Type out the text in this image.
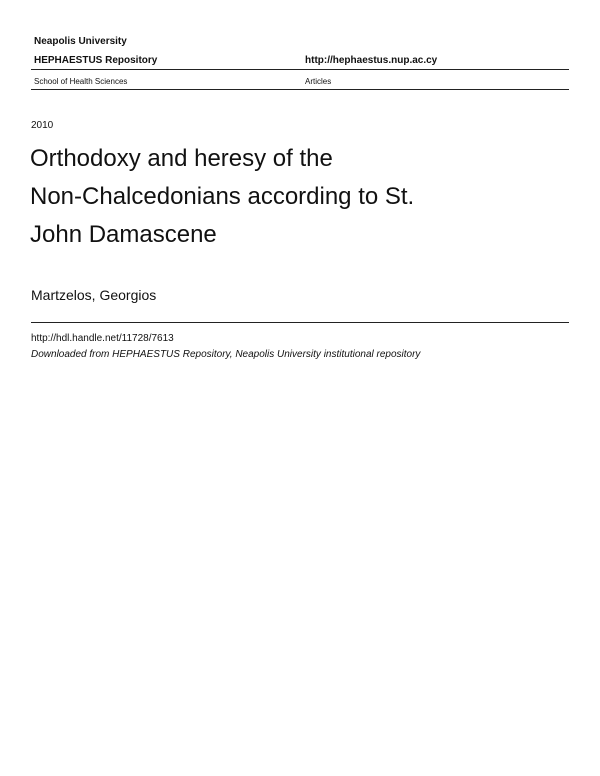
Neapolis University
HEPHAESTUS Repository	http://hephaestus.nup.ac.cy
School of Health Sciences	Articles
2010
Orthodoxy and heresy of the
Non-Chalcedonians according to St.
John Damascene
Martzelos, Georgios
http://hdl.handle.net/11728/7613
Downloaded from HEPHAESTUS Repository, Neapolis University institutional repository
